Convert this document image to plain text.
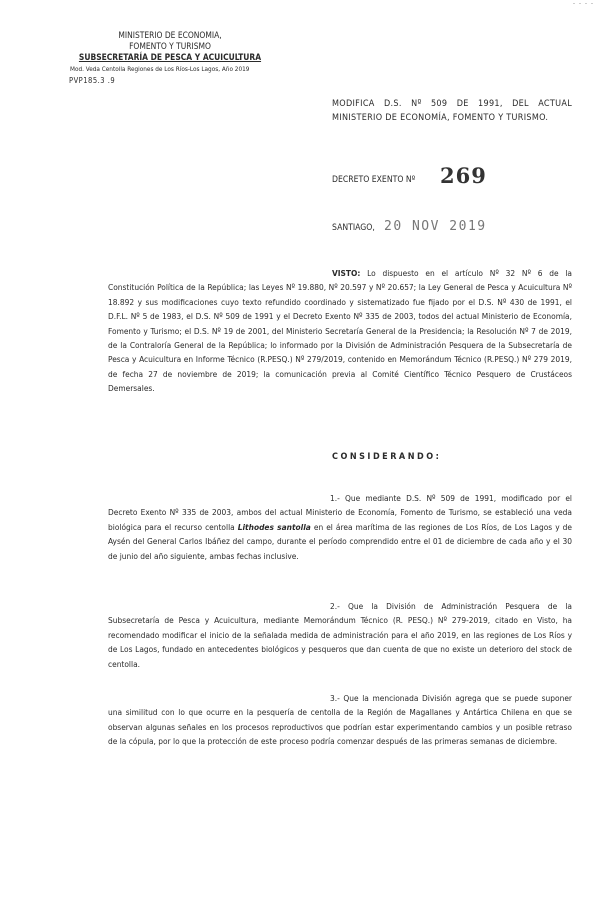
· · · ·
MINISTERIO DE ECONOMIA,
FOMENTO Y TURISMO
SUBSECRETARÍA DE PESCA Y ACUICULTURA
Mod. Veda Centolla Regiones de Los Ríos-Los Lagos, Año 2019
PVP185.3 .9
MODIFICA D.S. Nº 509 DE 1991, DEL ACTUAL MINISTERIO DE ECONOMÍA, FOMENTO Y TURISMO.
DECRETO EXENTO Nº 269
SANTIAGO, 20 NOV 2019
VISTO: Lo dispuesto en el artículo Nº 32 Nº 6 de la Constitución Política de la República; las Leyes Nº 19.880, Nº 20.597 y Nº 20.657; la Ley General de Pesca y Acuicultura Nº 18.892 y sus modificaciones cuyo texto refundido coordinado y sistematizado fue fijado por el D.S. Nº 430 de 1991, el D.F.L. Nº 5 de 1983, el D.S. Nº 509 de 1991 y el Decreto Exento Nº 335 de 2003, todos del actual Ministerio de Economía, Fomento y Turismo; el D.S. Nº 19 de 2001, del Ministerio Secretaría General de la Presidencia; la Resolución Nº 7 de 2019, de la Contraloría General de la República; lo informado por la División de Administración Pesquera de la Subsecretaría de Pesca y Acuicultura en Informe Técnico (R.PESQ.) Nº 279/2019, contenido en Memorándum Técnico (R.PESQ.) Nº 279 2019, de fecha 27 de noviembre de 2019; la comunicación previa al Comité Científico Técnico Pesquero de Crustáceos Demersales.
CONSIDERANDO:
1.- Que mediante D.S. Nº 509 de 1991, modificado por el Decreto Exento Nº 335 de 2003, ambos del actual Ministerio de Economía, Fomento de Turismo, se estableció una veda biológica para el recurso centolla Lithodes santolla en el área marítima de las regiones de Los Ríos, de Los Lagos y de Aysén del General Carlos Ibáñez del campo, durante el período comprendido entre el 01 de diciembre de cada año y el 30 de junio del año siguiente, ambas fechas inclusive.
2.- Que la División de Administración Pesquera de la Subsecretaría de Pesca y Acuicultura, mediante Memorándum Técnico (R. PESQ.) Nº 279-2019, citado en Visto, ha recomendado modificar el inicio de la señalada medida de administración para el año 2019, en las regiones de Los Ríos y de Los Lagos, fundado en antecedentes biológicos y pesqueros que dan cuenta de que no existe un deterioro del stock de centolla.
3.- Que la mencionada División agrega que se puede suponer una similitud con lo que ocurre en la pesquería de centolla de la Región de Magallanes y Antártica Chilena en que se observan algunas señales en los procesos reproductivos que podrían estar experimentando cambios y un posible retraso de la cópula, por lo que la protección de este proceso podría comenzar después de las primeras semanas de diciembre.
